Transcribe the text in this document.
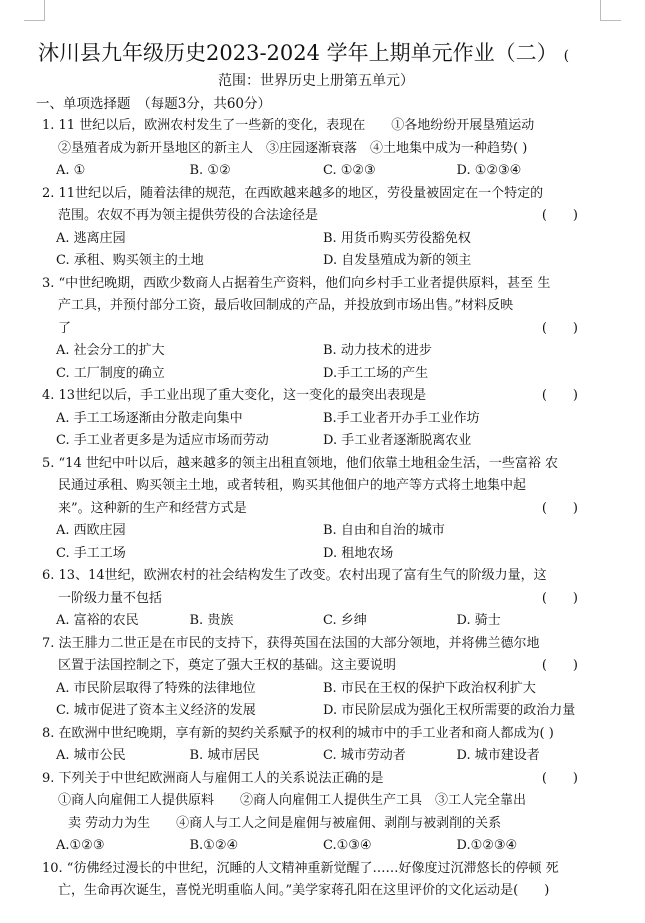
沐川县九年级历史2023-2024 学年上期单元作业（二） (
范围：世界历史上册第五单元）
一、单项选择题　（每题3分，共60分）
1. 11 世纪以后，欧洲农村发生了一些新的变化，表现在　　①各地纷纷开展垦殖运动
②垦殖者成为新开垦地区的新主人　③庄园逐渐衰落　④土地集中成为一种趋势( )
A. ①	B. ①②	C. ①②③	D. ①②③④
2. 11世纪以后，随着法律的规范，在西欧越来越多的地区，劳役量被固定在一个特定的
范围。农奴不再为领主提供劳役的合法途径是	(　　)
A. 逃离庄园	B. 用货币购买劳役豁免权
C. 承租、购买领主的土地	D. 自发垦殖成为新的领主
3. “中世纪晚期，西欧少数商人占据着生产资料，他们向乡村手工业者提供原料，甚至 生
产工具，并预付部分工资，最后收回制成的产品，并投放到市场出售。”材料反映
了	(　　)
A. 社会分工的扩大	B. 动力技术的进步
C. 工厂制度的确立	D.手工工场的产生
4. 13世纪以后，手工业出现了重大变化，这一变化的最突出表现是	(　　)
A. 手工工场逐渐由分散走向集中	B.手工业者开办手工业作坊
C. 手工业者更多是为适应市场而劳动	D. 手工业者逐渐脱离农业
5. “14 世纪中叶以后，越来越多的领主出租直领地，他们依靠土地租金生活，一些富裕 农
民通过承租、购买领主土地，或者转租，购买其他佃户的地产等方式将土地集中起
来”。这种新的生产和经营方式是	(　　)
A. 西欧庄园	B. 自由和自治的城市
C. 手工工场	D. 租地农场
6. 13、14世纪，欧洲农村的社会结构发生了改变。农村出现了富有生气的阶级力量，这
一阶级力量不包括	(　　)
A. 富裕的农民	B. 贵族	C. 乡绅	D. 骑士
7. 法王腓力二世正是在市民的支持下，获得英国在法国的大部分领地，并将佛兰德尔地
区置于法国控制之下，奠定了强大王权的基础。这主要说明	(　　)
A. 市民阶层取得了特殊的法律地位	B. 市民在王权的保护下政治权利扩大
C. 城市促进了资本主义经济的发展	D. 市民阶层成为强化王权所需要的政治力量
8. 在欧洲中世纪晚期，享有新的契约关系赋予的权利的城市中的手工业者和商人都成为( )
A. 城市公民	B. 城市居民	C. 城市劳动者	D. 城市建设者
9. 下列关于中世纪欧洲商人与雇佣工人的关系说法正确的是	(　　)
①商人向雇佣工人提供原料　　②商人向雇佣工人提供生产工具　③工人完全靠出
卖 劳动力为生　　④商人与工人之间是雇佣与被雇佣、剥削与被剥削的关系
A.①②③	B.①②④	C.①③④	D.①②③④
10. “彷佛经过漫长的中世纪，沉睡的人文精神重新觉醒了……好像度过沉滞悠长的停顿 死
亡，生命再次诞生，喜悦光明重临人间。”美学家蒋孔阳在这里评价的文化运动是(　　)
